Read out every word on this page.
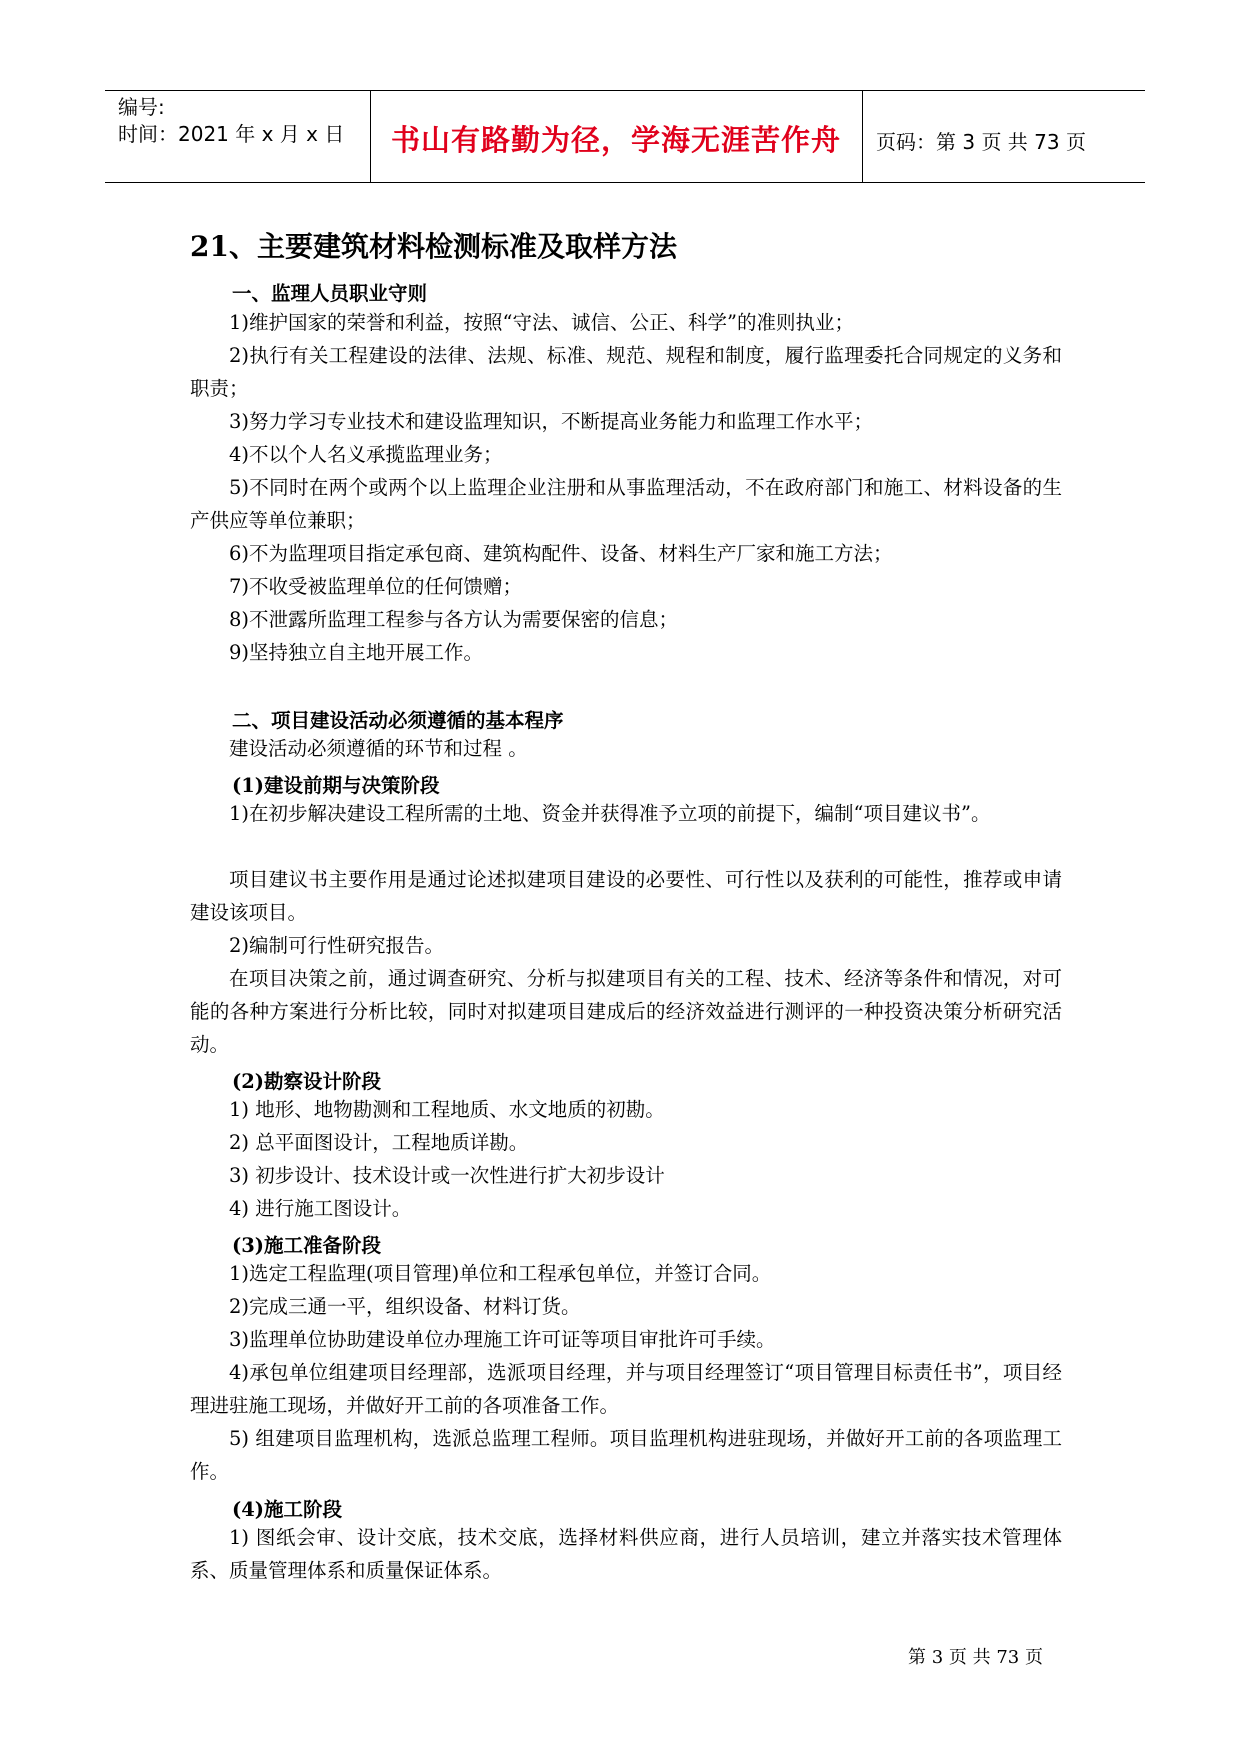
编号:
时间：2021 年 x 月 x 日	书山有路勤为径，学海无涯苦作舟	页码：第 3 页 共 73 页
21、主要建筑材料检测标准及取样方法
一、监理人员职业守则
1)维护国家的荣誉和利益，按照“守法、诚信、公正、科学”的准则执业；
2)执行有关工程建设的法律、法规、标准、规范、规程和制度，履行监理委托合同规定的义务和职责；
3)努力学习专业技术和建设监理知识，不断提高业务能力和监理工作水平；
4)不以个人名义承揽监理业务；
5)不同时在两个或两个以上监理企业注册和从事监理活动，不在政府部门和施工、材料设备的生产供应等单位兼职；
6)不为监理项目指定承包商、建筑构配件、设备、材料生产厂家和施工方法；
7)不收受被监理单位的任何馈赠；
8)不泄露所监理工程参与各方认为需要保密的信息；
9)坚持独立自主地开展工作。
二、项目建设活动必须遵循的基本程序
建设活动必须遵循的环节和过程 。
(1)建设前期与决策阶段
1)在初步解决建设工程所需的土地、资金并获得准予立项的前提下，编制“项目建议书”。
项目建议书主要作用是通过论述拟建项目建设的必要性、可行性以及获利的可能性，推荐或申请建设该项目。
2)编制可行性研究报告。
在项目决策之前，通过调查研究、分析与拟建项目有关的工程、技术、经济等条件和情况，对可能的各种方案进行分析比较，同时对拟建项目建成后的经济效益进行测评的一种投资决策分析研究活动。
(2)勘察设计阶段
1) 地形、地物勘测和工程地质、水文地质的初勘。
2) 总平面图设计，工程地质详勘。
3) 初步设计、技术设计或一次性进行扩大初步设计
4) 进行施工图设计。
(3)施工准备阶段
1)选定工程监理(项目管理)单位和工程承包单位，并签订合同。
2)完成三通一平，组织设备、材料订货。
3)监理单位协助建设单位办理施工许可证等项目审批许可手续。
4)承包单位组建项目经理部，选派项目经理，并与项目经理签订“项目管理目标责任书”，项目经理进驻施工现场，并做好开工前的各项准备工作。
5) 组建项目监理机构，选派总监理工程师。项目监理机构进驻现场，并做好开工前的各项监理工作。
(4)施工阶段
1) 图纸会审、设计交底，技术交底，选择材料供应商，进行人员培训，建立并落实技术管理体系、质量管理体系和质量保证体系。
第 3 页 共 73 页
